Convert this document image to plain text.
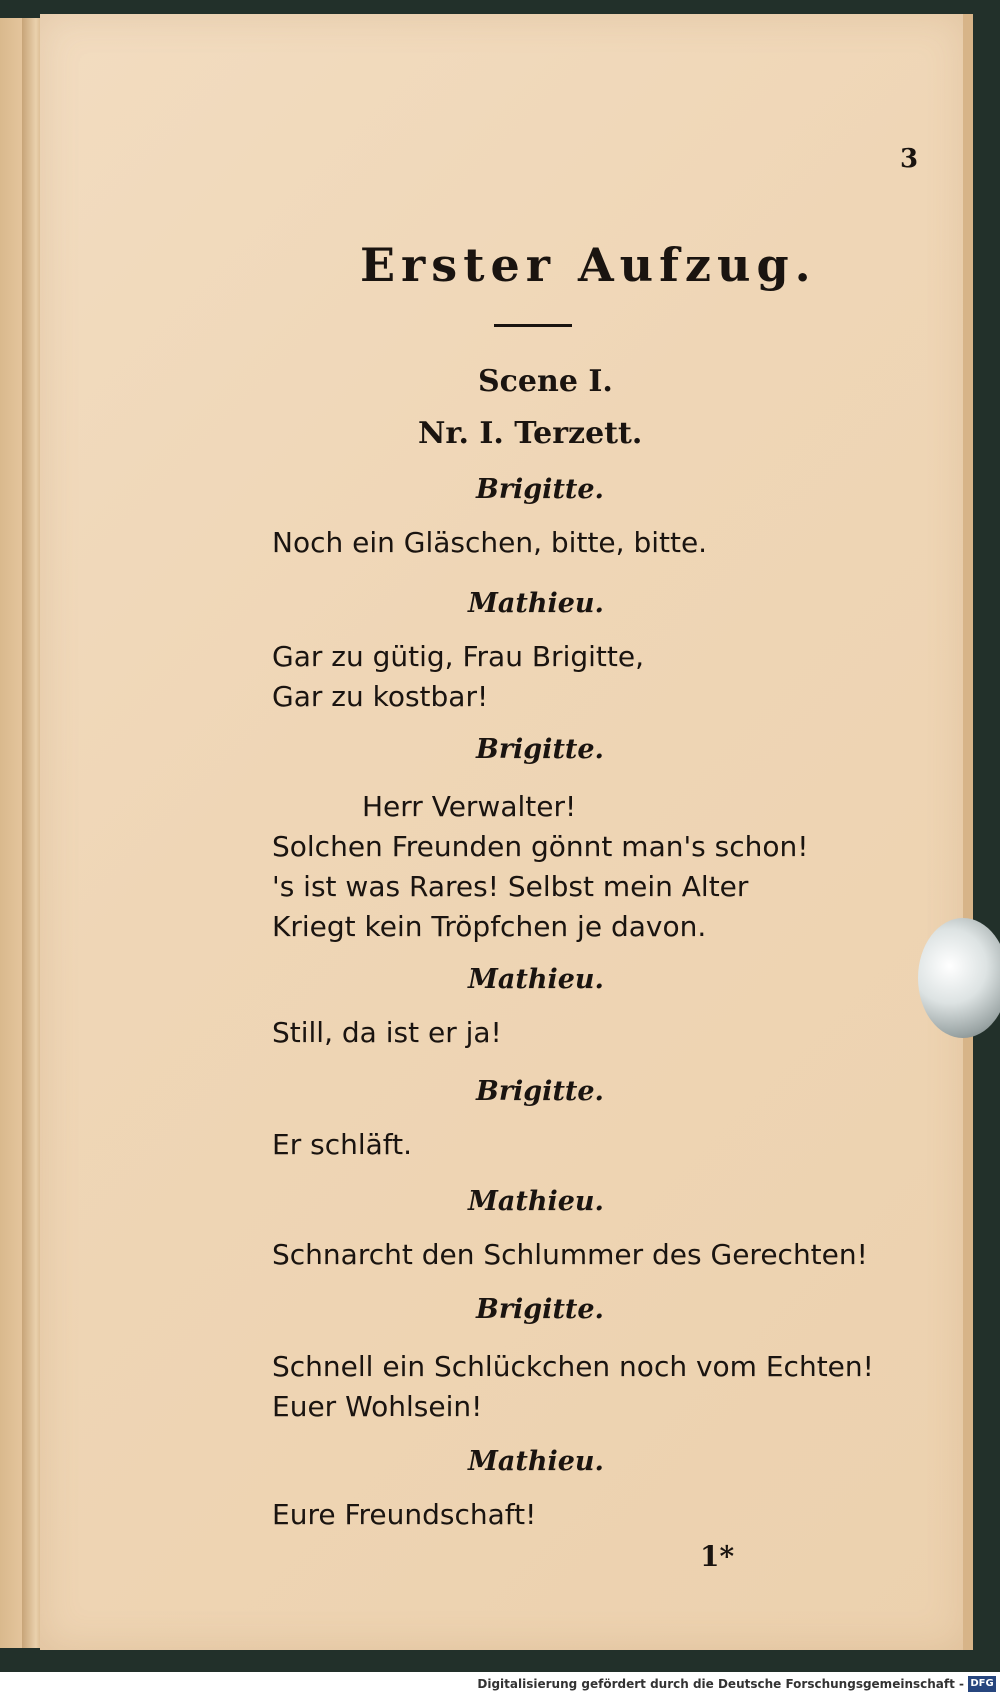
3
Erster Aufzug.
Scene I.
Nr. I. Terzett.
Brigitte.
Noch ein Gläschen, bitte, bitte.
Mathieu.
Gar zu gütig, Frau Brigitte,
Gar zu kostbar!
Brigitte.
Herr Verwalter!
Solchen Freunden gönnt man's schon!
's ist was Rares! Selbst mein Alter
Kriegt kein Tröpfchen je davon.
Mathieu.
Still, da ist er ja!
Brigitte.
Er schläft.
Mathieu.
Schnarcht den Schlummer des Gerechten!
Brigitte.
Schnell ein Schlückchen noch vom Echten!
Euer Wohlsein!
Mathieu.
Eure Freundschaft!
1*
Digitalisierung gefördert durch die Deutsche Forschungsgemeinschaft - DFG
